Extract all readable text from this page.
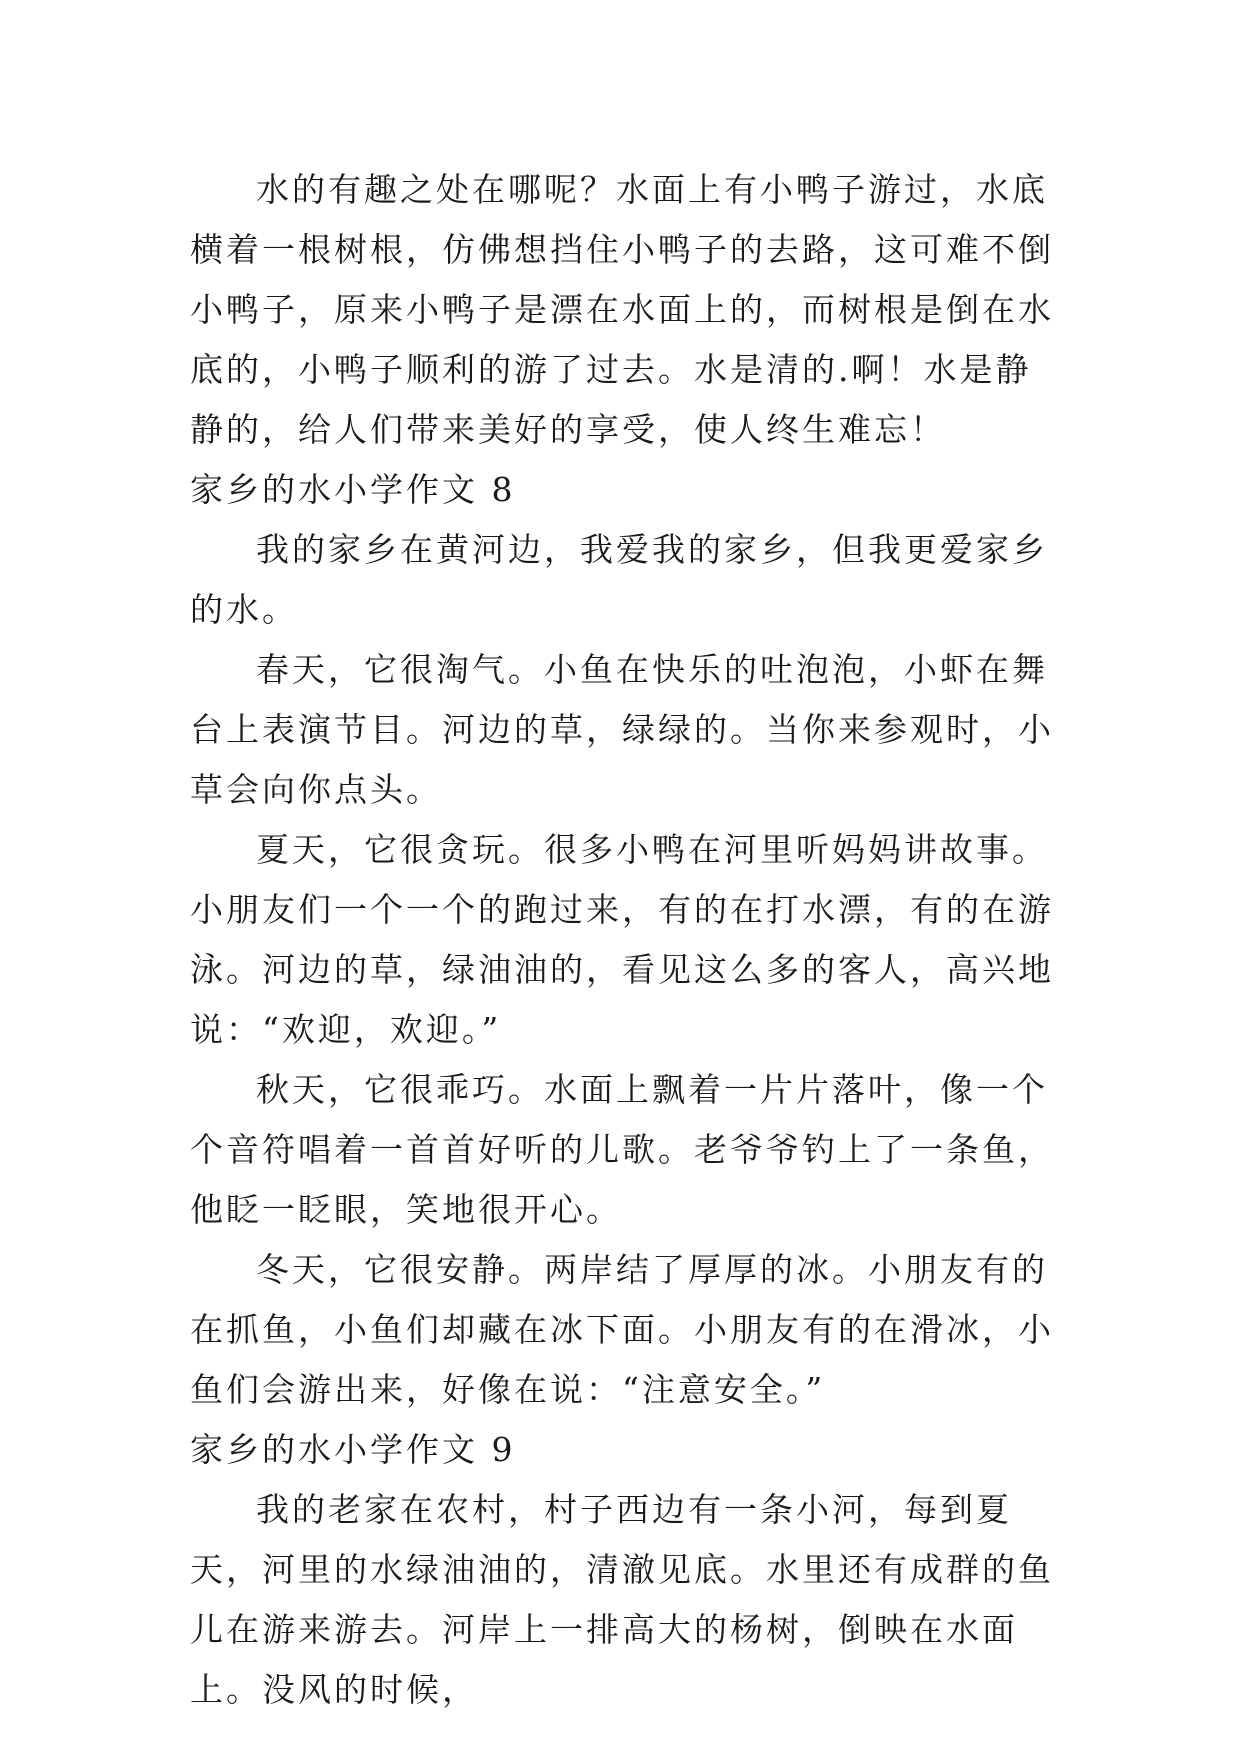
水的有趣之处在哪呢？水面上有小鸭子游过，水底横着一根树根，仿佛想挡住小鸭子的去路，这可难不倒小鸭子，原来小鸭子是漂在水面上的，而树根是倒在水底的，小鸭子顺利的游了过去。水是清的.啊！水是静静的，给人们带来美好的享受，使人终生难忘！

家乡的水小学作文 8

我的家乡在黄河边，我爱我的家乡，但我更爱家乡的水。

春天，它很淘气。小鱼在快乐的吐泡泡，小虾在舞台上表演节目。河边的草，绿绿的。当你来参观时，小草会向你点头。

夏天，它很贪玩。很多小鸭在河里听妈妈讲故事。小朋友们一个一个的跑过来，有的在打水漂，有的在游泳。河边的草，绿油油的，看见这么多的客人，高兴地说：“欢迎，欢迎。”

秋天，它很乖巧。水面上飘着一片片落叶，像一个个音符唱着一首首好听的儿歌。老爷爷钓上了一条鱼，他眨一眨眼，笑地很开心。

冬天，它很安静。两岸结了厚厚的冰。小朋友有的在抓鱼，小鱼们却藏在冰下面。小朋友有的在滑冰，小鱼们会游出来，好像在说：“注意安全。”

家乡的水小学作文 9

我的老家在农村，村子西边有一条小河，每到夏天，河里的水绿油油的，清澈见底。水里还有成群的鱼儿在游来游去。河岸上一排高大的杨树，倒映在水面上。没风的时候，
